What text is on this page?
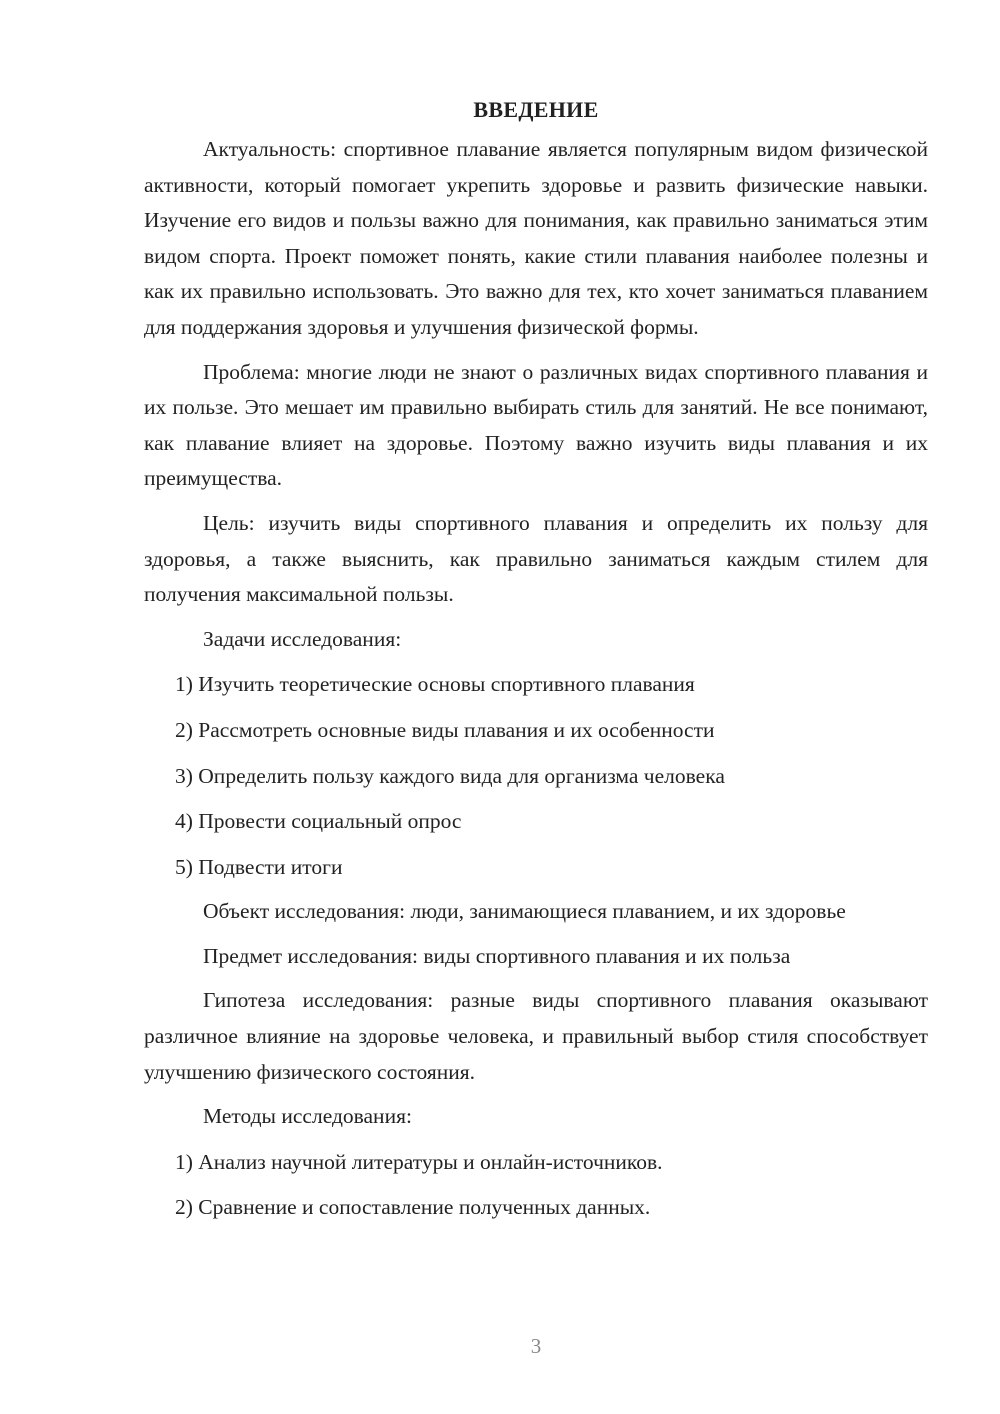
ВВЕДЕНИЕ

Актуальность: спортивное плавание является популярным видом физической активности, который помогает укрепить здоровье и развить физические навыки. Изучение его видов и пользы важно для понимания, как правильно заниматься этим видом спорта. Проект поможет понять, какие стили плавания наиболее полезны и как их правильно использовать. Это важно для тех, кто хочет заниматься плаванием для поддержания здоровья и улучшения физической формы.

Проблема: многие люди не знают о различных видах спортивного плавания и их пользе. Это мешает им правильно выбирать стиль для занятий. Не все понимают, как плавание влияет на здоровье. Поэтому важно изучить виды плавания и их преимущества.

Цель: изучить виды спортивного плавания и определить их пользу для здоровья, а также выяснить, как правильно заниматься каждым стилем для получения максимальной пользы.

Задачи исследования:

1) Изучить теоретические основы спортивного плавания

2) Рассмотреть основные виды плавания и их особенности

3) Определить пользу каждого вида для организма человека

4) Провести социальный опрос

5) Подвести итоги

Объект исследования: люди, занимающиеся плаванием, и их здоровье

Предмет исследования: виды спортивного плавания и их польза

Гипотеза исследования: разные виды спортивного плавания оказывают различное влияние на здоровье человека, и правильный выбор стиля способствует улучшению физического состояния.

Методы исследования:

1) Анализ научной литературы и онлайн-источников.

2) Сравнение и сопоставление полученных данных.

3
